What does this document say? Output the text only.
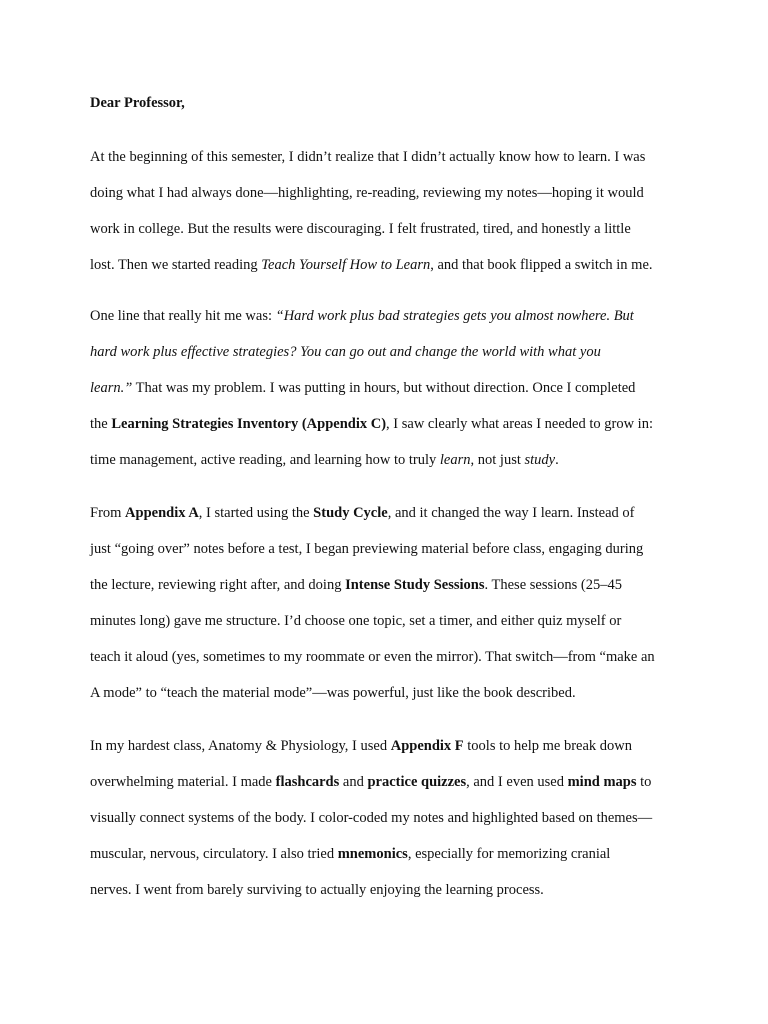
Dear Professor,
At the beginning of this semester, I didn’t realize that I didn’t actually know how to learn. I was
doing what I had always done—highlighting, re-reading, reviewing my notes—hoping it would
work in college. But the results were discouraging. I felt frustrated, tired, and honestly a little
lost. Then we started reading Teach Yourself How to Learn, and that book flipped a switch in me.
One line that really hit me was: “Hard work plus bad strategies gets you almost nowhere. But
hard work plus effective strategies? You can go out and change the world with what you
learn.” That was my problem. I was putting in hours, but without direction. Once I completed
the Learning Strategies Inventory (Appendix C), I saw clearly what areas I needed to grow in:
time management, active reading, and learning how to truly learn, not just study.
From Appendix A, I started using the Study Cycle, and it changed the way I learn. Instead of
just “going over” notes before a test, I began previewing material before class, engaging during
the lecture, reviewing right after, and doing Intense Study Sessions. These sessions (25–45
minutes long) gave me structure. I’d choose one topic, set a timer, and either quiz myself or
teach it aloud (yes, sometimes to my roommate or even the mirror). That switch—from “make an
A mode” to “teach the material mode”—was powerful, just like the book described.
In my hardest class, Anatomy & Physiology, I used Appendix F tools to help me break down
overwhelming material. I made flashcards and practice quizzes, and I even used mind maps to
visually connect systems of the body. I color-coded my notes and highlighted based on themes—
muscular, nervous, circulatory. I also tried mnemonics, especially for memorizing cranial
nerves. I went from barely surviving to actually enjoying the learning process.
